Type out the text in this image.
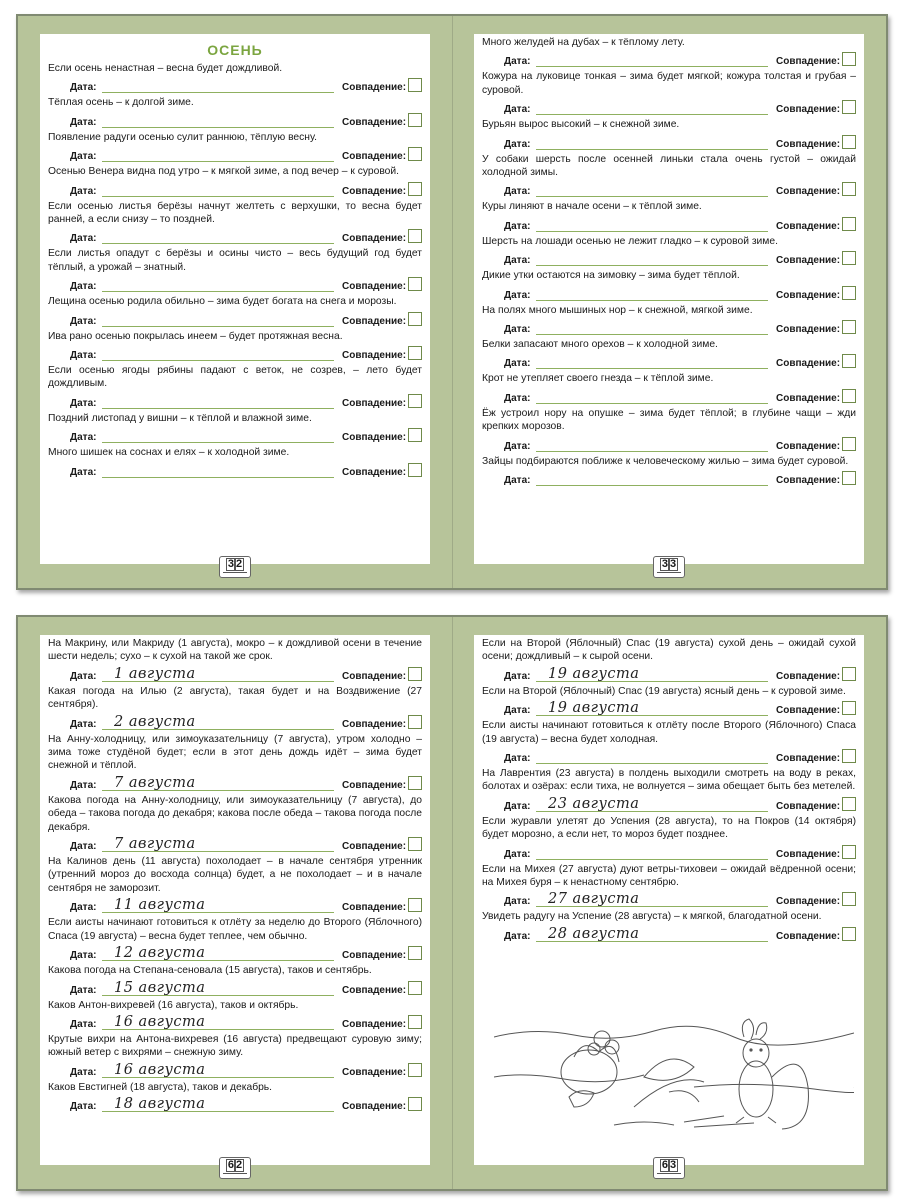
ОСЕНЬ

Если осень ненастная – весна будет дождливой.

Дата:	Совпадение:

Тёплая осень – к долгой зиме.

Дата:	Совпадение:

Появление радуги осенью сулит раннюю, тёплую весну.

Дата:	Совпадение:

Осенью Венера видна под утро – к мягкой зиме, а под вечер – к суровой.

Дата:	Совпадение:

Если осенью листья берёзы начнут желтеть с верхушки, то весна будет ранней, а если снизу – то поздней.

Дата:	Совпадение:

Если листья опадут с берёзы и осины чисто – весь будущий год будет тёплый, а урожай – знатный.

Дата:	Совпадение:

Лещина осенью родила обильно – зима будет богата на снега и морозы.

Дата:	Совпадение:

Ива рано осенью покрылась инеем – будет протяжная весна.

Дата:	Совпадение:

Если осенью ягоды рябины падают с веток, не созрев, – лето будет дождливым.

Дата:	Совпадение:

Поздний листопад у вишни – к тёплой и влажной зиме.

Дата:	Совпадение:

Много шишек на соснах и елях – к холодной зиме.

Дата:	Совпадение:
3 2

Много желудей на дубах – к тёплому лету.

Дата:	Совпадение:

Кожура на луковице тонкая – зима будет мягкой; кожура толстая и грубая – суровой.

Дата:	Совпадение:

Бурьян вырос высокий – к снежной зиме.

Дата:	Совпадение:

У собаки шерсть после осенней линьки стала очень густой – ожидай холодной зимы.

Дата:	Совпадение:

Куры линяют в начале осени – к тёплой зиме.

Дата:	Совпадение:

Шерсть на лошади осенью не лежит гладко – к суровой зиме.

Дата:	Совпадение:

Дикие утки остаются на зимовку – зима будет тёплой.

Дата:	Совпадение:

На полях много мышиных нор – к снежной, мягкой зиме.

Дата:	Совпадение:

Белки запасают много орехов – к холодной зиме.

Дата:	Совпадение:

Крот не утепляет своего гнезда – к тёплой зиме.

Дата:	Совпадение:

Ёж устроил нору на опушке – зима будет тёплой; в глубине чащи – жди крепких морозов.

Дата:	Совпадение:

Зайцы подбираются поближе к человеческому жилью – зима будет суровой.

Дата:	Совпадение:
3 3

На Макрину, или Макриду (1 августа), мокро – к дождливой осени в течение шести недель; сухо – к сухой на такой же срок.

Дата:	1 августа	Совпадение:

Какая погода на Илью (2 августа), такая будет и на Воздвижение (27 сентября).

Дата:	2 августа	Совпадение:

На Анну-холодницу, или зимоуказательницу (7 августа), утром холодно – зима тоже студёной будет; если в этот день дождь идёт – зима будет снежной и тёплой.

Дата:	7 августа	Совпадение:

Какова погода на Анну-холодницу, или зимоуказательницу (7 августа), до обеда – такова погода до декабря; какова после обеда – такова погода после декабря.

Дата:	7 августа	Совпадение:

На Калинов день (11 августа) похолодает – в начале сентября утренник (утренний мороз до восхода солнца) будет, а не похолодает – и в начале сентября не заморозит.

Дата:	11 августа	Совпадение:

Если аисты начинают готовиться к отлёту за неделю до Второго (Яблочного) Спаса (19 августа) – весна будет теплее, чем обычно.

Дата:	12 августа	Совпадение:

Какова погода на Степана-сеновала (15 августа), таков и сентябрь.

Дата:	15 августа	Совпадение:

Каков Антон-вихревей (16 августа), таков и октябрь.

Дата:	16 августа	Совпадение:

Крутые вихри на Антона-вихревея (16 августа) предвещают суровую зиму; южный ветер с вихрями – снежную зиму.

Дата:	16 августа	Совпадение:

Каков Евстигней (18 августа), таков и декабрь.

Дата:	18 августа	Совпадение:
6 2

Если на Второй (Яблочный) Спас (19 августа) сухой день – ожидай сухой осени; дождливый – к сырой осени.

Дата:	19 августа	Совпадение:

Если на Второй (Яблочный) Спас (19 августа) ясный день – к суровой зиме.

Дата:	19 августа	Совпадение:

Если аисты начинают готовиться к отлёту после Второго (Яблочного) Спаса (19 августа) – весна будет холодная.

Дата:	Совпадение:

На Лаврентия (23 августа) в полдень выходили смотреть на воду в реках, болотах и озёрах: если тиха, не волнуется – зима обещает быть без метелей.

Дата:	23 августа	Совпадение:

Если журавли улетят до Успения (28 августа), то на Покров (14 октября) будет морозно, а если нет, то мороз будет позднее.

Дата:	Совпадение:

Если на Михея (27 августа) дуют ветры-тиховеи – ожидай вёдренной осени; на Михея буря – к ненастному сентябрю.

Дата:	27 августа	Совпадение:

Увидеть радугу на Успение (28 августа) – к мягкой, благодатной осени.

Дата:	28 августа	Совпадение:
6 3
